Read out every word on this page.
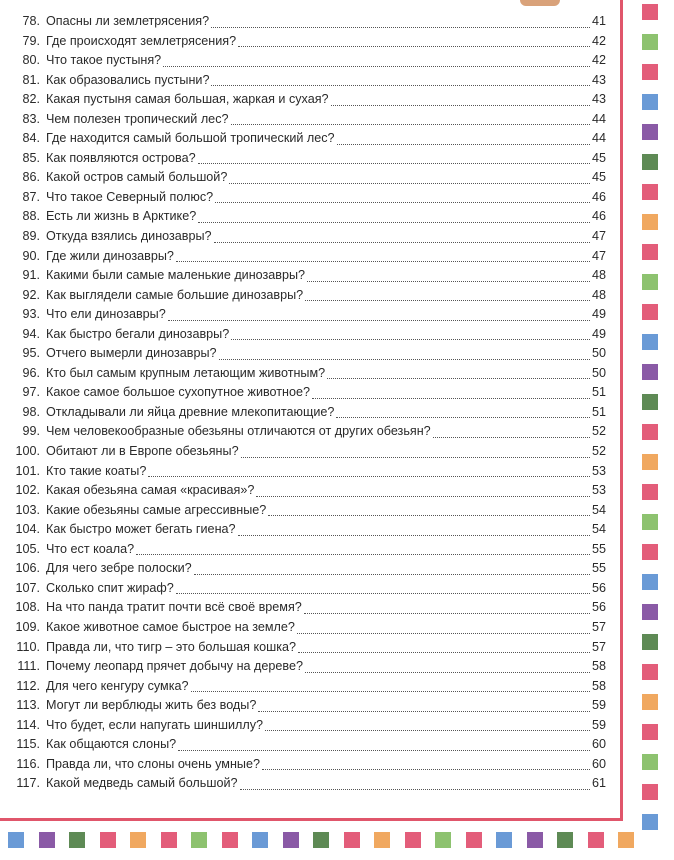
78. Опасны ли землетрясения?	41
79. Где происходят землетрясения?	42
80. Что такое пустыня?	42
81. Как образовались пустыни?	43
82. Какая пустыня самая большая, жаркая и сухая?	43
83. Чем полезен тропический лес?	44
84. Где находится самый большой тропический лес?	44
85. Как появляются острова?	45
86. Какой остров самый большой?	45
87. Что такое Северный полюс?	46
88. Есть ли жизнь в Арктике?	46
89. Откуда взялись динозавры?	47
90. Где жили динозавры?	47
91. Какими были самые маленькие динозавры?	48
92. Как выглядели самые большие динозавры?	48
93. Что ели динозавры?	49
94. Как быстро бегали динозавры?	49
95. Отчего вымерли динозавры?	50
96. Кто был самым крупным летающим животным?	50
97. Какое самое большое сухопутное животное?	51
98. Откладывали ли яйца древние млекопитающие?	51
99. Чем человекообразные обезьяны отличаются от других обезьян?	52
100. Обитают ли в Европе обезьяны?	52
101. Кто такие коаты?	53
102. Какая обезьяна самая «красивая»?	53
103. Какие обезьяны самые агрессивные?	54
104. Как быстро может бегать гиена?	54
105. Что ест коала?	55
106. Для чего зебре полоски?	55
107. Сколько спит жираф?	56
108. На что панда тратит почти всё своё время?	56
109. Какое животное самое быстрое на земле?	57
110. Правда ли, что тигр – это большая кошка?	57
111. Почему леопард прячет добычу на дереве?	58
112. Для чего кенгуру сумка?	58
113. Могут ли верблюды жить без воды?	59
114. Что будет, если напугать шиншиллу?	59
115. Как общаются слоны?	60
116. Правда ли, что слоны очень умные?	60
117. Какой медведь самый большой?	61
